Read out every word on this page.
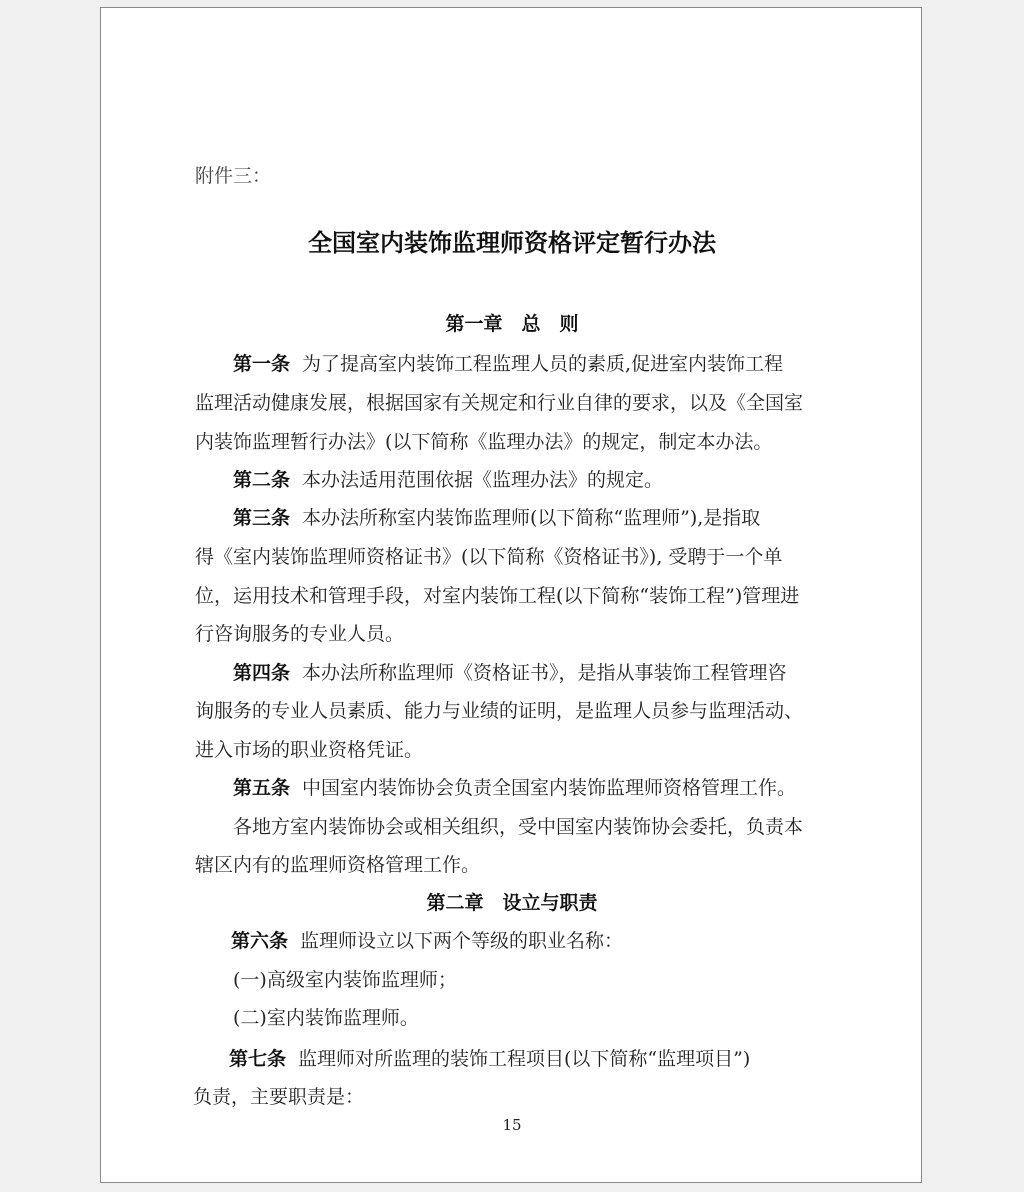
附件三：
全国室内装饰监理师资格评定暂行办法
第一章　总　则
第一条 为了提高室内装饰工程监理人员的素质,促进室内装饰工程
监理活动健康发展，根据国家有关规定和行业自律的要求，以及《全国室
内装饰监理暂行办法》(以下简称《监理办法》的规定，制定本办法。
第二条 本办法适用范围依据《监理办法》的规定。
第三条 本办法所称室内装饰监理师(以下简称“监理师”),是指取
得《室内装饰监理师资格证书》(以下简称《资格证书》), 受聘于一个单
位，运用技术和管理手段，对室内装饰工程(以下简称“装饰工程”)管理进
行咨询服务的专业人员。
第四条 本办法所称监理师《资格证书》，是指从事装饰工程管理咨
询服务的专业人员素质、能力与业绩的证明，是监理人员参与监理活动、
进入市场的职业资格凭证。
第五条 中国室内装饰协会负责全国室内装饰监理师资格管理工作。
各地方室内装饰协会或相关组织，受中国室内装饰协会委托，负责本
辖区内有的监理师资格管理工作。
第二章　设立与职责
第六条 监理师设立以下两个等级的职业名称：
(一)高级室内装饰监理师；
(二)室内装饰监理师。
第七条 监理师对所监理的装饰工程项目(以下简称“监理项目”)
负责，主要职责是：
15
